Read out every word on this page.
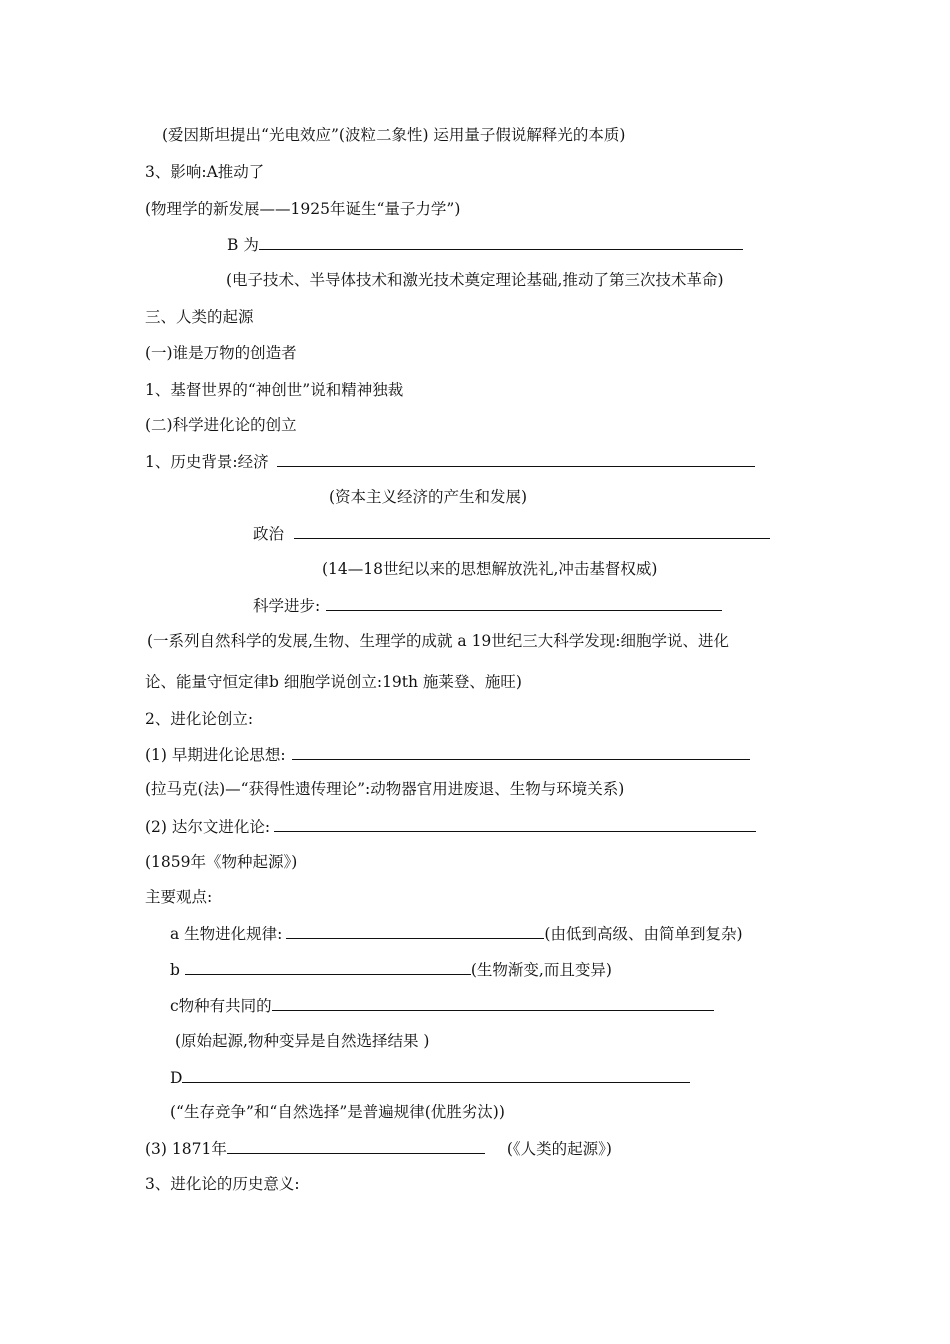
(爱因斯坦提出“光电效应”(波粒二象性) 运用量子假说解释光的本质)
3、影响:A推动了
(物理学的新发展——1925年诞生“量子力学”)
B 为
(电子技术、半导体技术和激光技术奠定理论基础,推动了第三次技术革命)
三、人类的起源
(一)谁是万物的创造者
1、基督世界的“神创世”说和精神独裁
(二)科学进化论的创立
1、历史背景:经济
(资本主义经济的产生和发展)
政治
(14—18世纪以来的思想解放洗礼,冲击基督权威)
科学进步:
(一系列自然科学的发展,生物、生理学的成就 a 19世纪三大科学发现:细胞学说、进化
论、能量守恒定律b 细胞学说创立:19th 施莱登、施旺)
2、进化论创立:
(1) 早期进化论思想:
(拉马克(法)—“获得性遗传理论”:动物器官用进废退、生物与环境关系)
(2) 达尔文进化论:
(1859年《物种起源》)
主要观点:
a 生物进化规律:	(由低到高级、由简单到复杂)
b	(生物渐变,而且变异)
c物种有共同的
(原始起源,物种变异是自然选择结果 )
D
(“生存竞争”和“自然选择”是普遍规律(优胜劣汰))
(3) 1871年	(《人类的起源》)
3、进化论的历史意义:
